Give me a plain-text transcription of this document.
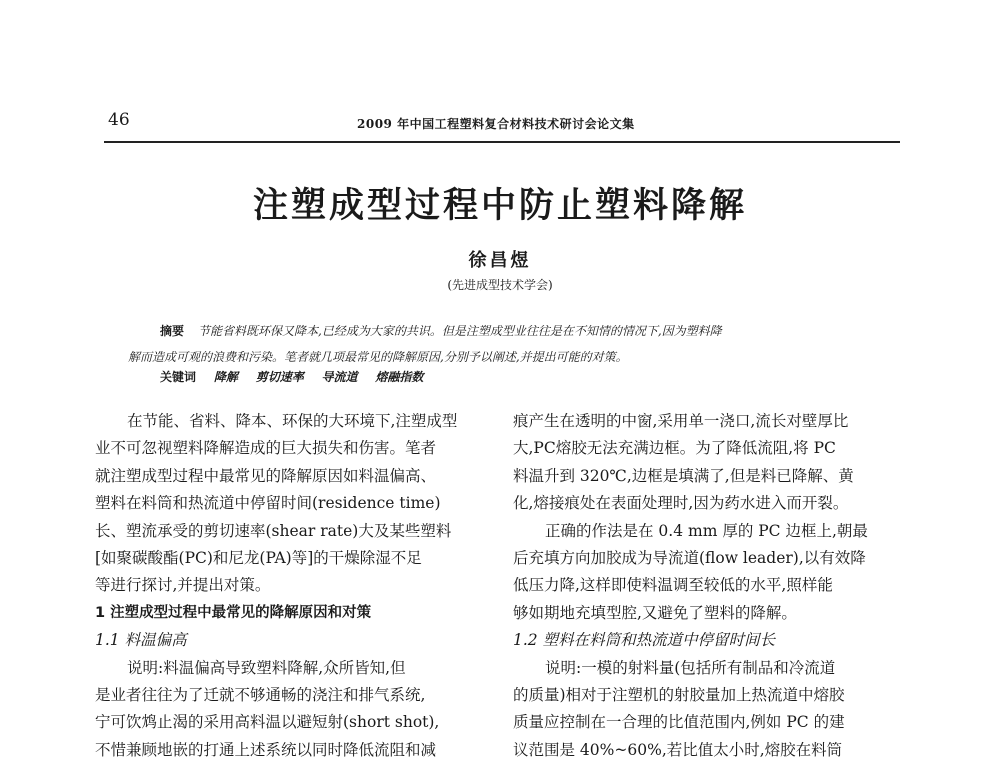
46	2009 年中国工程塑料复合材料技术研讨会论文集
注塑成型过程中防止塑料降解
徐昌煜
(先进成型技术学会)

摘要 节能省料既环保又降本,已经成为大家的共识。但是注塑成型业往往是在不知情的情况下,因为塑料降

解而造成可观的浪费和污染。笔者就几项最常见的降解原因,分别予以阐述,并提出可能的对策。

关键词 降解 剪切速率 导流道 熔融指数

在节能、省料、降本、环保的大环境下,注塑成型

业不可忽视塑料降解造成的巨大损失和伤害。笔者

就注塑成型过程中最常见的降解原因如料温偏高、

塑料在料筒和热流道中停留时间(residence time)

长、塑流承受的剪切速率(shear rate)大及某些塑料

[如聚碳酸酯(PC)和尼龙(PA)等]的干燥除湿不足

等进行探讨,并提出对策。

1 注塑成型过程中最常见的降解原因和对策

1.1 料温偏高

说明:料温偏高导致塑料降解,众所皆知,但

是业者往往为了迁就不够通畅的浇注和排气系统,

宁可饮鸩止渴的采用高料温以避短射(short shot),

不惜兼顾地嵌的打通上述系统以同时降低流阻和减

痕产生在透明的中窗,采用单一浇口,流长对壁厚比

大,PC熔胶无法充满边框。为了降低流阻,将 PC

料温升到 320℃,边框是填满了,但是料已降解、黄

化,熔接痕处在表面处理时,因为药水进入而开裂。

正确的作法是在 0.4 mm 厚的 PC 边框上,朝最

后充填方向加胶成为导流道(flow leader),以有效降

低压力降,这样即使料温调至较低的水平,照样能

够如期地充填型腔,又避免了塑料的降解。

1.2 塑料在料筒和热流道中停留时间长

说明:一模的射料量(包括所有制品和冷流道

的质量)相对于注塑机的射胶量加上热流道中熔胶

质量应控制在一合理的比值范围内,例如 PC 的建

议范围是 40%~60%,若比值太小时,熔胶在料筒
